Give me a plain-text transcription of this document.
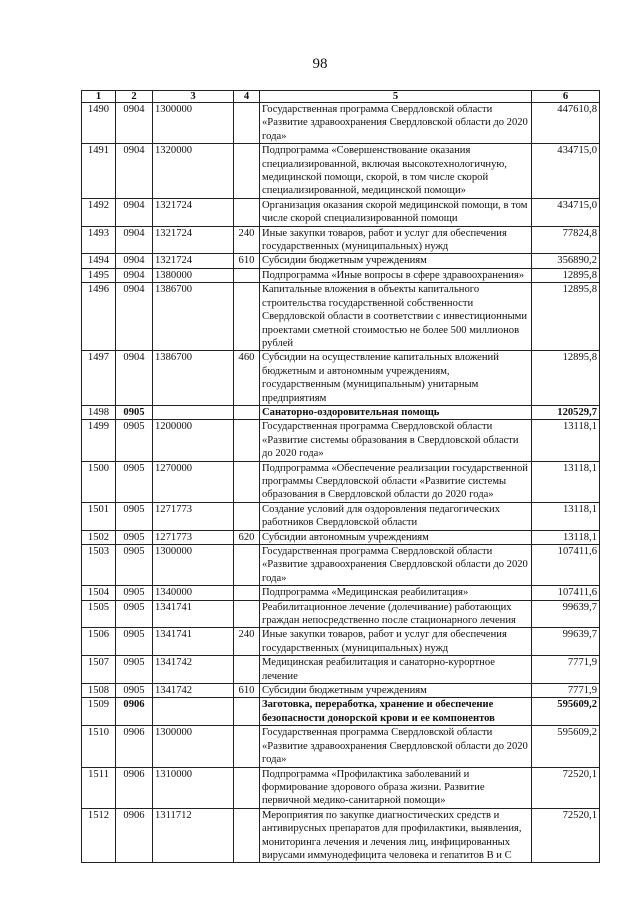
98
1	2	3	4	5	6
1490	0904	1300000		Государственная программа Свердловской области «Развитие здравоохранения Свердловской области до 2020 года»	447610,8
1491	0904	1320000		Подпрограмма «Совершенствование оказания специализированной, включая высокотехнологичную, медицинской помощи, скорой, в том числе скорой специализированной, медицинской помощи»	434715,0
1492	0904	1321724		Организация оказания скорой медицинской помощи, в том числе скорой специализированной помощи	434715,0
1493	0904	1321724	240	Иные закупки товаров, работ и услуг для обеспечения государственных (муниципальных) нужд	77824,8
1494	0904	1321724	610	Субсидии бюджетным учреждениям	356890,2
1495	0904	1380000		Подпрограмма «Иные вопросы в сфере здравоохранения»	12895,8
1496	0904	1386700		Капитальные вложения в объекты капитального строительства государственной собственности Свердловской области в соответствии с инвестиционными проектами сметной стоимостью не более 500 миллионов рублей	12895,8
1497	0904	1386700	460	Субсидии на осуществление капитальных вложений бюджетным и автономным учреждениям, государственным (муниципальным) унитарным предприятиям	12895,8
1498	0905			Санаторно-оздоровительная помощь	120529,7
1499	0905	1200000		Государственная программа Свердловской области «Развитие системы образования в Свердловской области до 2020 года»	13118,1
1500	0905	1270000		Подпрограмма «Обеспечение реализации государственной программы Свердловской области «Развитие системы образования в Свердловской области до 2020 года»	13118,1
1501	0905	1271773		Создание условий для оздоровления педагогических работников Свердловской области	13118,1
1502	0905	1271773	620	Субсидии автономным учреждениям	13118,1
1503	0905	1300000		Государственная программа Свердловской области «Развитие здравоохранения Свердловской области до 2020 года»	107411,6
1504	0905	1340000		Подпрограмма «Медицинская реабилитация»	107411,6
1505	0905	1341741		Реабилитационное лечение (долечивание) работающих граждан непосредственно после стационарного лечения	99639,7
1506	0905	1341741	240	Иные закупки товаров, работ и услуг для обеспечения государственных (муниципальных) нужд	99639,7
1507	0905	1341742		Медицинская реабилитация и санаторно-курортное лечение	7771,9
1508	0905	1341742	610	Субсидии бюджетным учреждениям	7771,9
1509	0906			Заготовка, переработка, хранение и обеспечение безопасности донорской крови и ее компонентов	595609,2
1510	0906	1300000		Государственная программа Свердловской области «Развитие здравоохранения Свердловской области до 2020 года»	595609,2
1511	0906	1310000		Подпрограмма «Профилактика заболеваний и формирование здорового образа жизни. Развитие первичной медико-санитарной помощи»	72520,1
1512	0906	1311712		Мероприятия по закупке диагностических средств и антивирусных препаратов для профилактики, выявления, мониторинга лечения и лечения лиц, инфицированных вирусами иммунодефицита человека и гепатитов В и С	72520,1
